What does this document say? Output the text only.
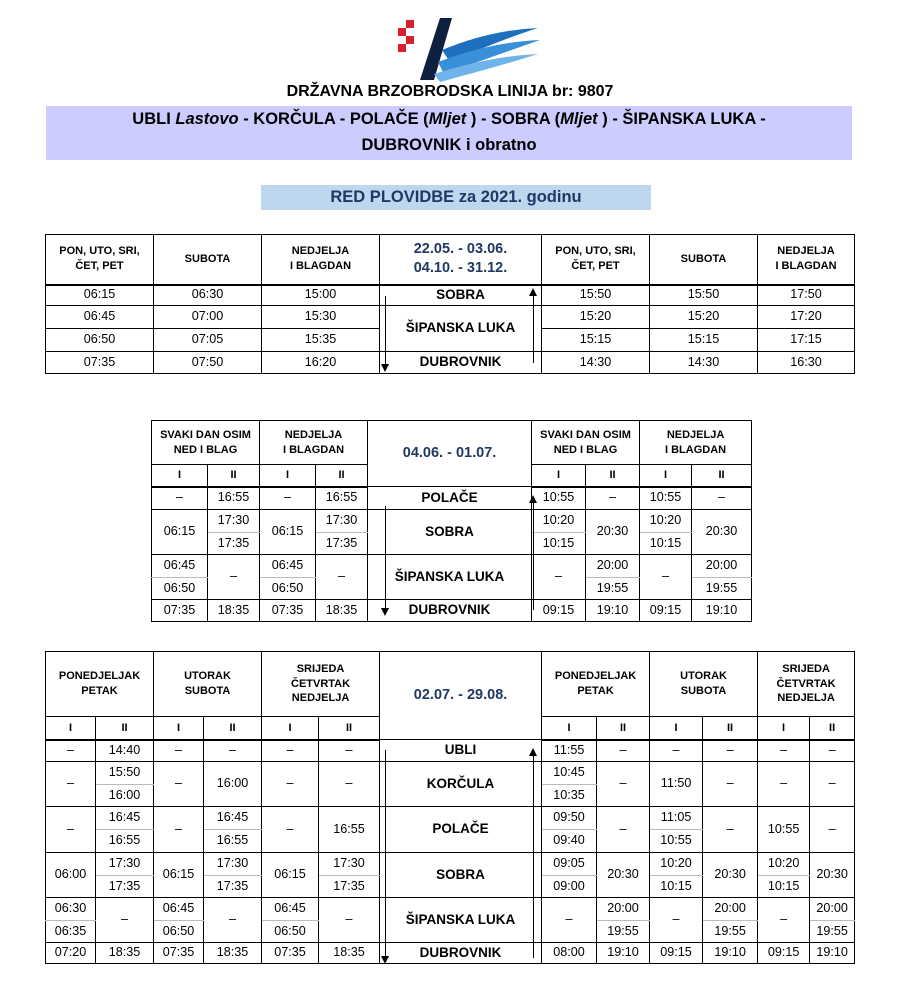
DRŽAVNA BRZOBRODSKA LINIJA br: 9807
UBLI Lastovo - KORČULA - POLAČE (Mljet ) - SOBRA (Mljet ) - ŠIPANSKA LUKA -
DUBROVNIK i obratno
RED PLOVIDBE za 2021. godinu
PON, UTO, SRI,
ČET, PET	SUBOTA	NEDJELJA
I BLAGDAN	22.05. - 03.06.
04.10. - 31.12.	PON, UTO, SRI,
ČET, PET	SUBOTA	NEDJELJA
I BLAGDAN
06:15	06:30	15:00	SOBRA	15:50	15:50	17:50
06:45	07:00	15:30	ŠIPANSKA LUKA	15:20	15:20	17:20
06:50	07:05	15:35		15:15	15:15	17:15
07:35	07:50	16:20	DUBROVNIK	14:30	14:30	16:30
SVAKI DAN OSIM
NED I BLAG		NEDJELJA
I BLAGDAN		04.06. - 01.07.	SVAKI DAN OSIM
NED I BLAG		NEDJELJA
I BLAGDAN	
I	II	I	II		I	II	I	II
–	16:55	–	16:55	POLAČE	10:55	–	10:55	–
06:15	17:30	06:15	17:30	SOBRA	10:20	20:30	10:20	20:30
	17:35		17:35		10:15		10:15	
06:45	–	06:45	–	ŠIPANSKA LUKA	–	20:00	–	20:00
06:50		06:50				19:55		19:55
07:35	18:35	07:35	18:35	DUBROVNIK	09:15	19:10	09:15	19:10
PONEDJELJAK
PETAK		UTORAK
SUBOTA		SRIJEDA
ČETVRTAK
NEDJELJA		02.07. - 29.08.	PONEDJELJAK
PETAK		UTORAK
SUBOTA		SRIJEDA
ČETVRTAK
NEDJELJA	
I	II	I	II	I	II		I	II	I	II	I	II
–	14:40	–	–	–	–	UBLI	11:55	–	–	–	–	–
–	15:50	–	16:00	–	–	KORČULA	10:45	–	11:50	–	–	–
	16:00						10:35					
–	16:45	–	16:45	–	16:55	POLAČE	09:50	–	11:05	–	10:55	–
	16:55		16:55				09:40		10:55			
06:00	17:30	06:15	17:30	06:15	17:30	SOBRA	09:05	20:30	10:20	20:30	10:20	20:30
	17:35		17:35		17:35		09:00		10:15		10:15	
06:30	–	06:45	–	06:45	–	ŠIPANSKA LUKA	–	20:00	–	20:00	–	20:00
06:35		06:50		06:50				19:55		19:55		19:55
07:20	18:35	07:35	18:35	07:35	18:35	DUBROVNIK	08:00	19:10	09:15	19:10	09:15	19:10
